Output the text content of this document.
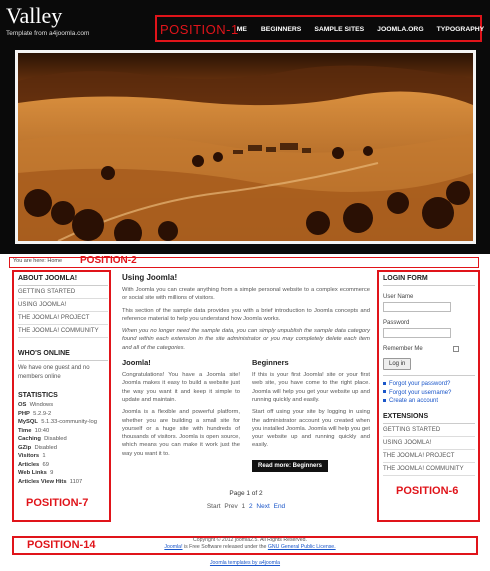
Valley
Template from a4joomla.com	POSITION-1
ME BEGINNERS SAMPLE SITES JOOMLA.ORG TYPOGRAPHY
You are here: Home POSITION-2
ABOUT JOOMLA!
GETTING STARTED
USING JOOMLA!
THE JOOMLA! PROJECT
THE JOOMLA! COMMUNITY
WHO'S ONLINE
We have one guest and no members online
STATISTICS
OS Windows
PHP 5.2.9-2
MySQL 5.1.33-community-log
Time 10:40
Caching Disabled
GZip Disabled
Visitors 1
Articles 69
Web Links 9
Articles View Hits 1107
POSITION-7
Using Joomla!

With Joomla you can create anything from a simple personal website to a complex ecommerce or social site with millions of visitors.

This section of the sample data provides you with a brief introduction to Joomla concepts and reference material to help you understand how Joomla works.

When you no longer need the sample data, you can simply unpublish the sample data category found within each extension in the site administrator or you may completely delete each item and all of the categories.

Joomla!

Congratulations! You have a Joomla site! Joomla makes it easy to build a website just the way you want it and keep it simple to update and maintain.

Joomla is a flexible and powerful platform, whether you are building a small site for yourself or a huge site with hundreds of thousands of visitors. Joomla is open source, which means you can make it work just the way you want it to.

Beginners

If this is your first Joomla! site or your first web site, you have come to the right place. Joomla will help you get your website up and running quickly and easily.

Start off using your site by logging in using the administrator account you created when you installed Joomla. Joomla will help you get your website up and running quickly and easily.

Read more: Beginners
Page 1 of 2
Start Prev 1 2 Next End
LOGIN FORM
User Name
Password
Remember Me
Log in
Forgot your password?
Forgot your username?
Create an account
EXTENSIONS
GETTING STARTED
USING JOOMLA!
THE JOOMLA! PROJECT
THE JOOMLA! COMMUNITY
POSITION-6
POSITION-14	Copyright © 2012 joomla2.5. All Rights Reserved.
Joomla! is Free Software released under the GNU General Public License.
Joomla templates by a4joomla
